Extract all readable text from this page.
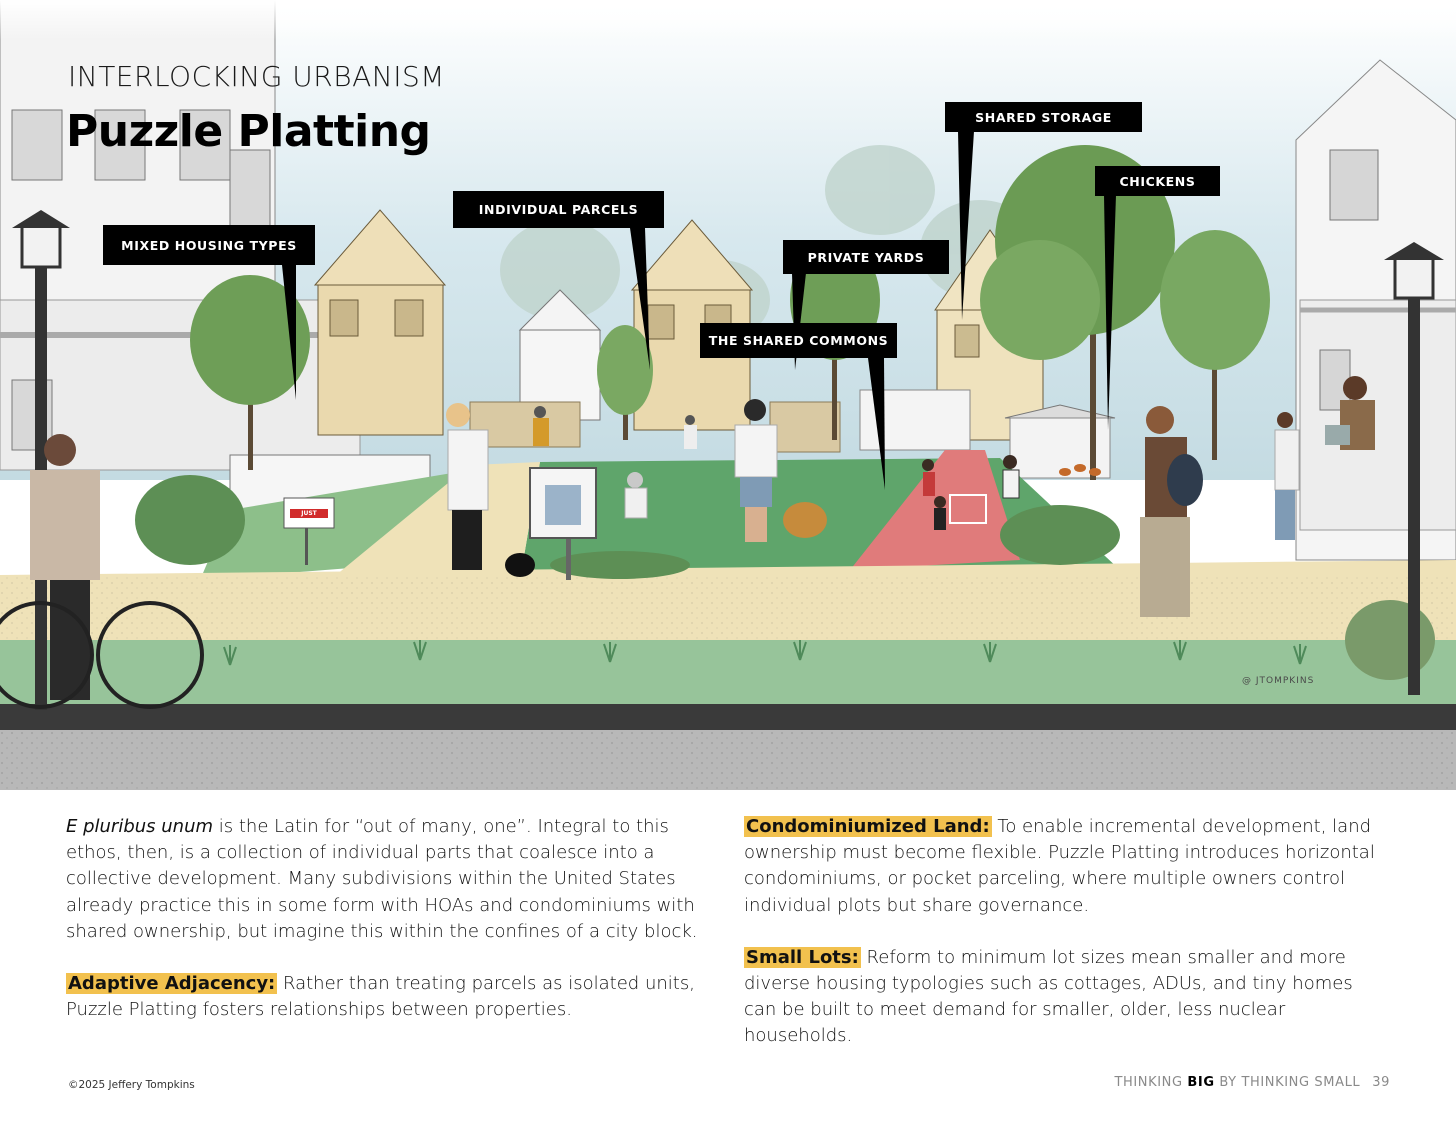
INTERLOCKING URBANISM
Puzzle Platting
MIXED HOUSING TYPES
INDIVIDUAL PARCELS
PRIVATE YARDS
THE SHARED COMMONS
SHARED STORAGE
CHICKENS
@ JTOMPKINS
JUST SOLD!

E pluribus unum is the Latin for “out of many, one”. Integral to this ethos, then, is a collection of individual parts that coalesce into a collective development. Many subdivisions within the United States already practice this in some form with HOAs and condominiums with shared ownership, but imagine this within the confines of a city block.

Adaptive Adjacency: Rather than treating parcels as isolated units, Puzzle Platting fosters relationships between properties.

Condominiumized Land: To enable incremental development, land ownership must become flexible. Puzzle Platting introduces horizontal condominiums, or pocket parceling, where multiple owners control individual plots but share governance.

Small Lots: Reform to minimum lot sizes mean smaller and more diverse housing typologies such as cottages, ADUs, and tiny homes can be built to meet demand for smaller, older, less nuclear households.

©2025 Jeffery Tompkins	THINKING BIG BY THINKING SMALL 39
